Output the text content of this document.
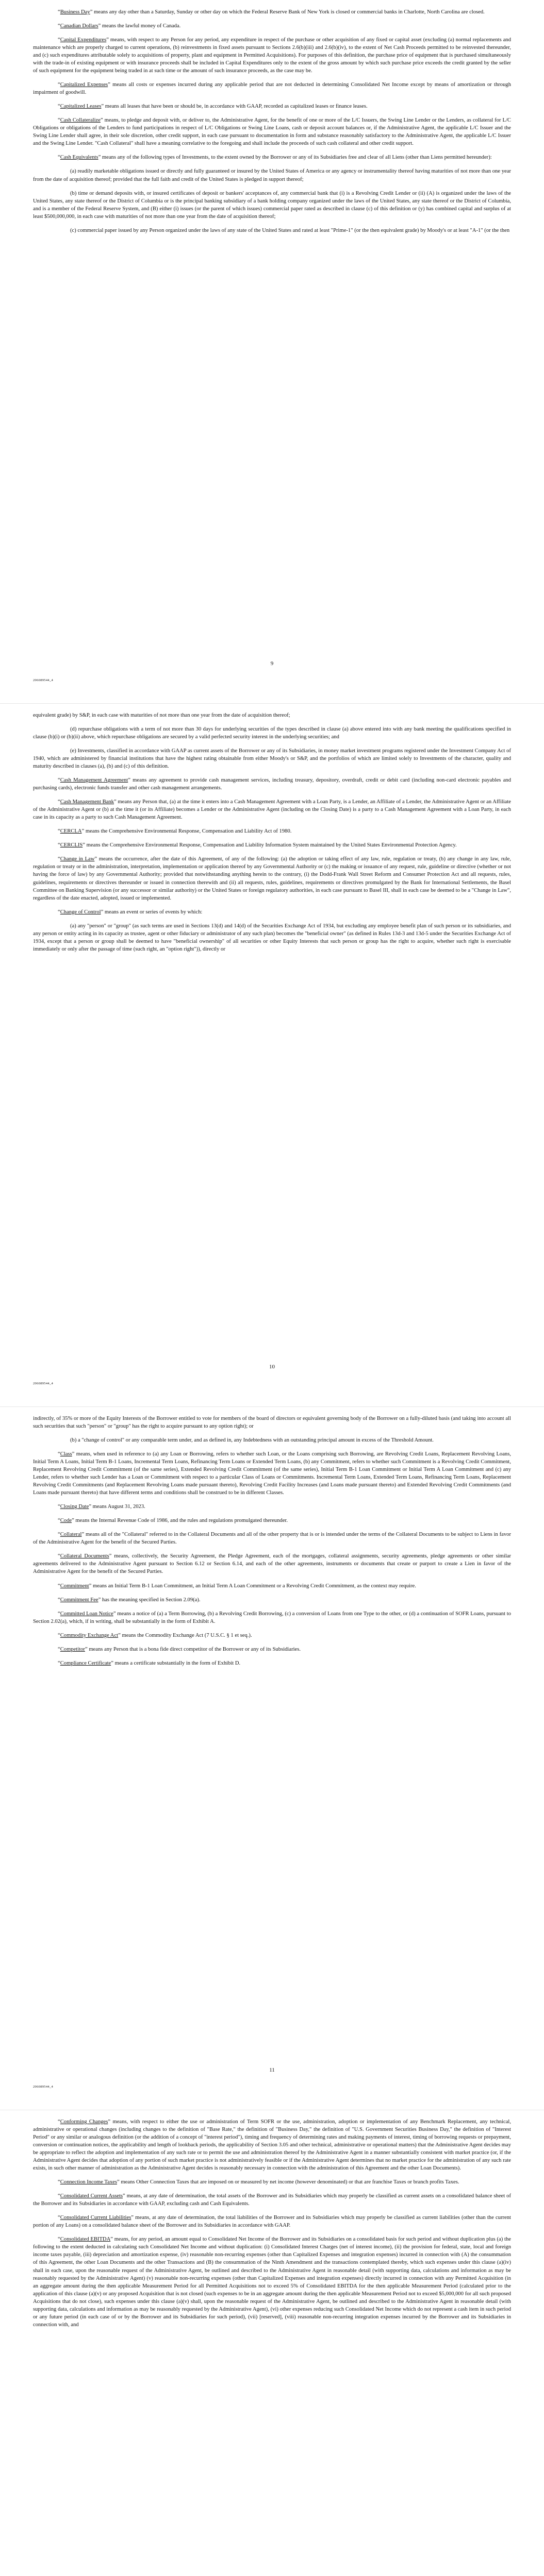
“Business Day” means any day other than a Saturday, Sunday or other day on which the Federal Reserve Bank of New York is closed or commercial banks in Charlotte, North Carolina are closed.

“Canadian Dollars” means the lawful money of Canada.

“Capital Expenditures” means, with respect to any Person for any period, any expenditure in respect of the purchase or other acquisition of any fixed or capital asset (excluding (a) normal replacements and maintenance which are properly charged to current operations, (b) reinvestments in fixed assets pursuant to Sections 2.6(b)(iii) and 2.6(b)(iv), to the extent of Net Cash Proceeds permitted to be reinvested thereunder, and (c) such expenditures attributable solely to acquisitions of property, plant and equipment in Permitted Acquisitions). For purposes of this definition, the purchase price of equipment that is purchased simultaneously with the trade-in of existing equipment or with insurance proceeds shall be included in Capital Expenditures only to the extent of the gross amount by which such purchase price exceeds the credit granted by the seller of such equipment for the equipment being traded in at such time or the amount of such insurance proceeds, as the case may be.

“Capitalized Expenses” means all costs or expenses incurred during any applicable period that are not deducted in determining Consolidated Net Income except by means of amortization or through impairment of goodwill.

“Capitalized Leases” means all leases that have been or should be, in accordance with GAAP, recorded as capitalized leases or finance leases.

“Cash Collateralize” means, to pledge and deposit with, or deliver to, the Administrative Agent, for the benefit of one or more of the L/C Issuers, the Swing Line Lender or the Lenders, as collateral for L/C Obligations or obligations of the Lenders to fund participations in respect of L/C Obligations or Swing Line Loans, cash or deposit account balances or, if the Administrative Agent, the applicable L/C Issuer and the Swing Line Lender shall agree, in their sole discretion, other credit support, in each case pursuant to documentation in form and substance reasonably satisfactory to the Administrative Agent, the applicable L/C Issuer and the Swing Line Lender. "Cash Collateral" shall have a meaning correlative to the foregoing and shall include the proceeds of such cash collateral and other credit support.

“Cash Equivalents” means any of the following types of Investments, to the extent owned by the Borrower or any of its Subsidiaries free and clear of all Liens (other than Liens permitted hereunder):

(a) readily marketable obligations issued or directly and fully guaranteed or insured by the United States of America or any agency or instrumentality thereof having maturities of not more than one year from the date of acquisition thereof; provided that the full faith and credit of the United States is pledged in support thereof;

(b) time or demand deposits with, or insured certificates of deposit or bankers' acceptances of, any commercial bank that (i) is a Revolving Credit Lender or (ii) (A) is organized under the laws of the United States, any state thereof or the District of Columbia or is the principal banking subsidiary of a bank holding company organized under the laws of the United States, any state thereof or the District of Columbia, and is a member of the Federal Reserve System, and (B) either (i) issues (or the parent of which issues) commercial paper rated as described in clause (c) of this definition or (y) has combined capital and surplus of at least $500,000,000, in each case with maturities of not more than one year from the date of acquisition thereof;

(c) commercial paper issued by any Person organized under the laws of any state of the United States and rated at least "Prime-1" (or the then equivalent grade) by Moody's or at least "A-1" (or the then

9
206089544_4

equivalent grade) by S&P, in each case with maturities of not more than one year from the date of acquisition thereof;

(d) repurchase obligations with a term of not more than 30 days for underlying securities of the types described in clause (a) above entered into with any bank meeting the qualifications specified in clause (b)(i) or (b)(ii) above, which repurchase obligations are secured by a valid perfected security interest in the underlying securities; and

(e) Investments, classified in accordance with GAAP as current assets of the Borrower or any of its Subsidiaries, in money market investment programs registered under the Investment Company Act of 1940, which are administered by financial institutions that have the highest rating obtainable from either Moody's or S&P, and the portfolios of which are limited solely to Investments of the character, quality and maturity described in clauses (a), (b) and (c) of this definition.

“Cash Management Agreement” means any agreement to provide cash management services, including treasury, depository, overdraft, credit or debit card (including non-card electronic payables and purchasing cards), electronic funds transfer and other cash management arrangements.

“Cash Management Bank” means any Person that, (a) at the time it enters into a Cash Management Agreement with a Loan Party, is a Lender, an Affiliate of a Lender, the Administrative Agent or an Affiliate of the Administrative Agent or (b) at the time it (or its Affiliate) becomes a Lender or the Administrative Agent (including on the Closing Date) is a party to a Cash Management Agreement with a Loan Party, in each case in its capacity as a party to such Cash Management Agreement.

“CERCLA” means the Comprehensive Environmental Response, Compensation and Liability Act of 1980.

“CERCLIS” means the Comprehensive Environmental Response, Compensation and Liability Information System maintained by the United States Environmental Protection Agency.

“Change in Law” means the occurrence, after the date of this Agreement, of any of the following: (a) the adoption or taking effect of any law, rule, regulation or treaty, (b) any change in any law, rule, regulation or treaty or in the administration, interpretation, implementation or application thereof by any Governmental Authority or (c) the making or issuance of any request, rule, guideline or directive (whether or not having the force of law) by any Governmental Authority; provided that notwithstanding anything herein to the contrary, (i) the Dodd-Frank Wall Street Reform and Consumer Protection Act and all requests, rules, guidelines, requirements or directives thereunder or issued in connection therewith and (ii) all requests, rules, guidelines, requirements or directives promulgated by the Bank for International Settlements, the Basel Committee on Banking Supervision (or any successor or similar authority) or the United States or foreign regulatory authorities, in each case pursuant to Basel III, shall in each case be deemed to be a "Change in Law", regardless of the date enacted, adopted, issued or implemented.

“Change of Control” means an event or series of events by which:

(a) any "person" or "group" (as such terms are used in Sections 13(d) and 14(d) of the Securities Exchange Act of 1934, but excluding any employee benefit plan of such person or its subsidiaries, and any person or entity acting in its capacity as trustee, agent or other fiduciary or administrator of any such plan) becomes the "beneficial owner" (as defined in Rules 13d-3 and 13d-5 under the Securities Exchange Act of 1934, except that a person or group shall be deemed to have "beneficial ownership" of all securities or other Equity Interests that such person or group has the right to acquire, whether such right is exercisable immediately or only after the passage of time (such right, an "option right")), directly or

10
206089544_4

indirectly, of 35% or more of the Equity Interests of the Borrower entitled to vote for members of the board of directors or equivalent governing body of the Borrower on a fully-diluted basis (and taking into account all such securities that such "person" or "group" has the right to acquire pursuant to any option right); or

(b) a "change of control" or any comparable term under, and as defined in, any Indebtedness with an outstanding principal amount in excess of the Threshold Amount.

“Class” means, when used in reference to (a) any Loan or Borrowing, refers to whether such Loan, or the Loans comprising such Borrowing, are Revolving Credit Loans, Replacement Revolving Loans, Initial Term A Loans, Initial Term B-1 Loans, Incremental Term Loans, Refinancing Term Loans or Extended Term Loans, (b) any Commitment, refers to whether such Commitment is a Revolving Credit Commitment, Replacement Revolving Credit Commitment (of the same series), Extended Revolving Credit Commitment (of the same series), Initial Term B-1 Loan Commitment or Initial Term A Loan Commitment and (c) any Lender, refers to whether such Lender has a Loan or Commitment with respect to a particular Class of Loans or Commitments. Incremental Term Loans, Extended Term Loans, Refinancing Term Loans, Replacement Revolving Credit Commitments (and Replacement Revolving Loans made pursuant thereto), Revolving Credit Facility Increases (and Loans made pursuant thereto) and Extended Revolving Credit Commitments (and Loans made pursuant thereto) that have different terms and conditions shall be construed to be in different Classes.

“Closing Date” means August 31, 2023.

“Code” means the Internal Revenue Code of 1986, and the rules and regulations promulgated thereunder.

“Collateral” means all of the "Collateral" referred to in the Collateral Documents and all of the other property that is or is intended under the terms of the Collateral Documents to be subject to Liens in favor of the Administrative Agent for the benefit of the Secured Parties.

“Collateral Documents” means, collectively, the Security Agreement, the Pledge Agreement, each of the mortgages, collateral assignments, security agreements, pledge agreements or other similar agreements delivered to the Administrative Agent pursuant to Section 6.12 or Section 6.14, and each of the other agreements, instruments or documents that create or purport to create a Lien in favor of the Administrative Agent for the benefit of the Secured Parties.

“Commitment” means an Initial Term B-1 Loan Commitment, an Initial Term A Loan Commitment or a Revolving Credit Commitment, as the context may require.

“Commitment Fee” has the meaning specified in Section 2.09(a).

“Committed Loan Notice” means a notice of (a) a Term Borrowing, (b) a Revolving Credit Borrowing, (c) a conversion of Loans from one Type to the other, or (d) a continuation of SOFR Loans, pursuant to Section 2.02(a), which, if in writing, shall be substantially in the form of Exhibit A.

“Commodity Exchange Act” means the Commodity Exchange Act (7 U.S.C. § 1 et seq.).

“Competitor” means any Person that is a bona fide direct competitor of the Borrower or any of its Subsidiaries.

“Compliance Certificate” means a certificate substantially in the form of Exhibit D.

11
206089544_4

“Conforming Changes” means, with respect to either the use or administration of Term SOFR or the use, administration, adoption or implementation of any Benchmark Replacement, any technical, administrative or operational changes (including changes to the definition of "Base Rate," the definition of "Business Day," the definition of "U.S. Government Securities Business Day," the definition of "Interest Period" or any similar or analogous definition (or the addition of a concept of "interest period"), timing and frequency of determining rates and making payments of interest, timing of borrowing requests or prepayment, conversion or continuation notices, the applicability and length of lookback periods, the applicability of Section 3.05 and other technical, administrative or operational matters) that the Administrative Agent decides may be appropriate to reflect the adoption and implementation of any such rate or to permit the use and administration thereof by the Administrative Agent in a manner substantially consistent with market practice (or, if the Administrative Agent decides that adoption of any portion of such market practice is not administratively feasible or if the Administrative Agent determines that no market practice for the administration of any such rate exists, in such other manner of administration as the Administrative Agent decides is reasonably necessary in connection with the administration of this Agreement and the other Loan Documents).

“Connection Income Taxes” means Other Connection Taxes that are imposed on or measured by net income (however denominated) or that are franchise Taxes or branch profits Taxes.

“Consolidated Current Assets” means, at any date of determination, the total assets of the Borrower and its Subsidiaries which may properly be classified as current assets on a consolidated balance sheet of the Borrower and its Subsidiaries in accordance with GAAP, excluding cash and Cash Equivalents.

“Consolidated Current Liabilities” means, at any date of determination, the total liabilities of the Borrower and its Subsidiaries which may properly be classified as current liabilities (other than the current portion of any Loans) on a consolidated balance sheet of the Borrower and its Subsidiaries in accordance with GAAP.

“Consolidated EBITDA” means, for any period, an amount equal to Consolidated Net Income of the Borrower and its Subsidiaries on a consolidated basis for such period and without duplication plus (a) the following to the extent deducted in calculating such Consolidated Net Income and without duplication: (i) Consolidated Interest Charges (net of interest income), (ii) the provision for federal, state, local and foreign income taxes payable, (iii) depreciation and amortization expense, (iv) reasonable non-recurring expenses (other than Capitalized Expenses and integration expenses) incurred in connection with (A) the consummation of this Agreement, the other Loan Documents and the other Transactions and (B) the consummation of the Ninth Amendment and the transactions contemplated thereby, which such expenses under this clause (a)(iv) shall in each case, upon the reasonable request of the Administrative Agent, be outlined and described to the Administrative Agent in reasonable detail (with supporting data, calculations and information as may be reasonably requested by the Administrative Agent) (v) reasonable non-recurring expenses (other than Capitalized Expenses and integration expenses) directly incurred in connection with any Permitted Acquisition (in an aggregate amount during the then applicable Measurement Period for all Permitted Acquisitions not to exceed 5% of Consolidated EBITDA for the then applicable Measurement Period (calculated prior to the application of this clause (a)(v) or any proposed Acquisition that is not closed (such expenses to be in an aggregate amount during the then applicable Measurement Period not to exceed $5,000,000 for all such proposed Acquisitions that do not close), such expenses under this clause (a)(v) shall, upon the reasonable request of the Administrative Agent, be outlined and described to the Administrative Agent in reasonable detail (with supporting data, calculations and information as may be reasonably requested by the Administrative Agent), (vi) other expenses reducing such Consolidated Net Income which do not represent a cash item in such period or any future period (in each case of or by the Borrower and its Subsidiaries for such period), (vii) [reserved], (viii) reasonable non-recurring integration expenses incurred by the Borrower and its Subsidiaries in connection with, and
